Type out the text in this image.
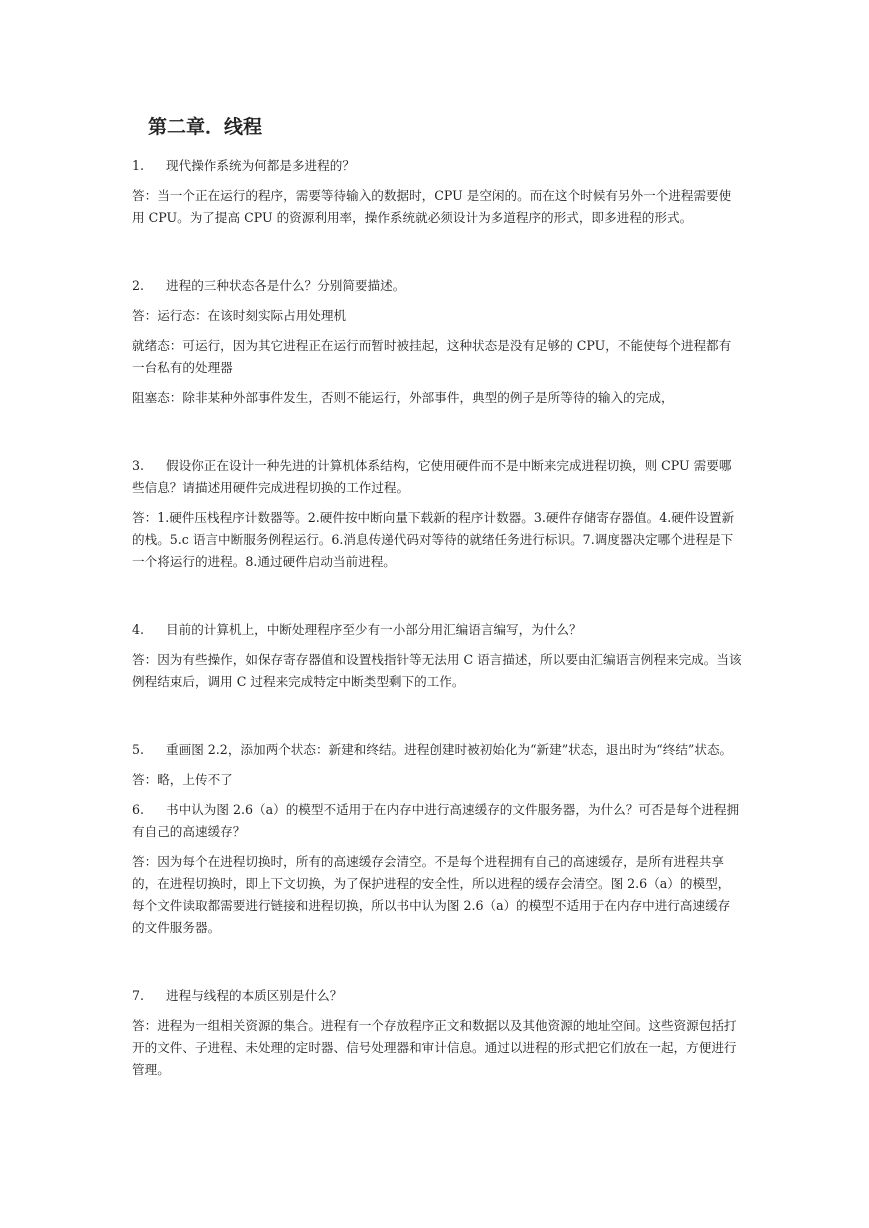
第二章．线程

1. 现代操作系统为何都是多进程的？

答：当一个正在运行的程序，需要等待输入的数据时，CPU 是空闲的。而在这个时候有另外一个进程需要使用 CPU。为了提高 CPU 的资源利用率，操作系统就必须设计为多道程序的形式，即多进程的形式。

2. 进程的三种状态各是什么？分别简要描述。

答：运行态：在该时刻实际占用处理机

就绪态：可运行，因为其它进程正在运行而暂时被挂起，这种状态是没有足够的 CPU，不能使每个进程都有一台私有的处理器

阻塞态：除非某种外部事件发生，否则不能运行，外部事件，典型的例子是所等待的输入的完成，

3. 假设你正在设计一种先进的计算机体系结构，它使用硬件而不是中断来完成进程切换，则 CPU 需要哪些信息？请描述用硬件完成进程切换的工作过程。

答：1.硬件压栈程序计数器等。2.硬件按中断向量下载新的程序计数器。3.硬件存储寄存器值。4.硬件设置新的栈。5.c 语言中断服务例程运行。6.消息传递代码对等待的就绪任务进行标识。7.调度器决定哪个进程是下一个将运行的进程。8.通过硬件启动当前进程。

4. 目前的计算机上，中断处理程序至少有一小部分用汇编语言编写，为什么？

答：因为有些操作，如保存寄存器值和设置栈指针等无法用 C 语言描述，所以要由汇编语言例程来完成。当该例程结束后，调用 C 过程来完成特定中断类型剩下的工作。

5. 重画图 2.2，添加两个状态：新建和终结。进程创建时被初始化为“新建”状态，退出时为“终结”状态。

答：略，上传不了

6. 书中认为图 2.6（a）的模型不适用于在内存中进行高速缓存的文件服务器，为什么？可否是每个进程拥有自己的高速缓存？

答：因为每个在进程切换时，所有的高速缓存会清空。不是每个进程拥有自己的高速缓存，是所有进程共享的，在进程切换时，即上下文切换，为了保护进程的安全性，所以进程的缓存会清空。图 2.6（a）的模型，每个文件读取都需要进行链接和进程切换，所以书中认为图 2.6（a）的模型不适用于在内存中进行高速缓存的文件服务器。

7. 进程与线程的本质区别是什么？

答：进程为一组相关资源的集合。进程有一个存放程序正文和数据以及其他资源的地址空间。这些资源包括打开的文件、子进程、未处理的定时器、信号处理器和审计信息。通过以进程的形式把它们放在一起，方便进行管理。
